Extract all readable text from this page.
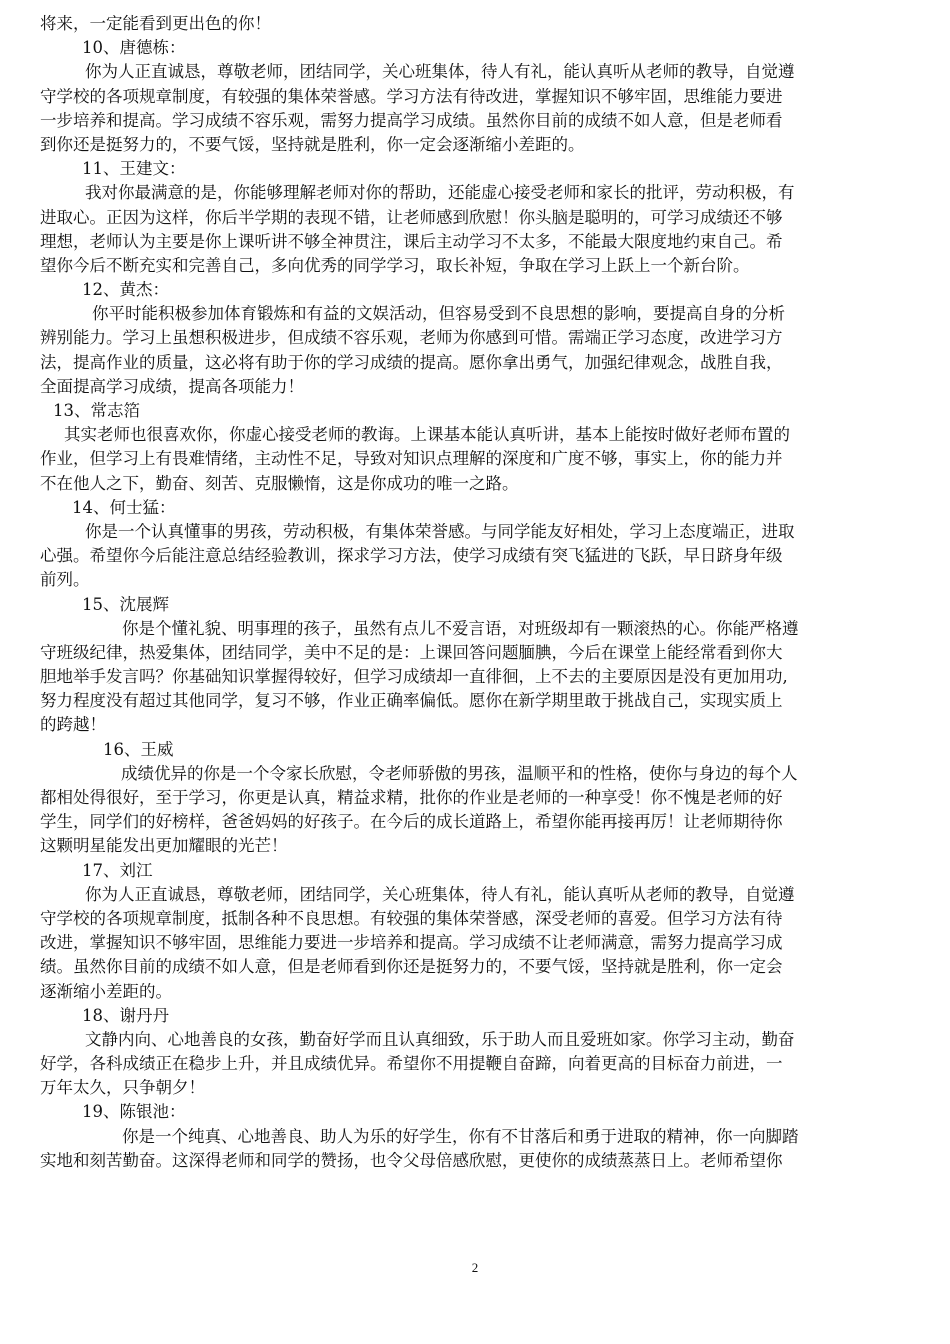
将来，一定能看到更出色的你！
10、唐德栋：
你为人正直诚恳，尊敬老师，团结同学，关心班集体，待人有礼，能认真听从老师的教导，自觉遵
守学校的各项规章制度，有较强的集体荣誉感。学习方法有待改进，掌握知识不够牢固，思维能力要进
一步培养和提高。学习成绩不容乐观，需努力提高学习成绩。虽然你目前的成绩不如人意，但是老师看
到你还是挺努力的，不要气馁，坚持就是胜利，你一定会逐渐缩小差距的。
11、王建文：
我对你最满意的是，你能够理解老师对你的帮助，还能虚心接受老师和家长的批评，劳动积极，有
进取心。正因为这样，你后半学期的表现不错，让老师感到欣慰！你头脑是聪明的，可学习成绩还不够
理想，老师认为主要是你上课听讲不够全神贯注，课后主动学习不太多，不能最大限度地约束自己。希
望你今后不断充实和完善自己，多向优秀的同学学习，取长补短，争取在学习上跃上一个新台阶。
12、黄杰：
你平时能积极参加体育锻炼和有益的文娱活动，但容易受到不良思想的影响，要提高自身的分析
辨别能力。学习上虽想积极进步，但成绩不容乐观，老师为你感到可惜。需端正学习态度，改进学习方
法，提高作业的质量，这必将有助于你的学习成绩的提高。愿你拿出勇气，加强纪律观念，战胜自我，
全面提高学习成绩，提高各项能力！
13、常志箔
其实老师也很喜欢你，你虚心接受老师的教诲。上课基本能认真听讲，基本上能按时做好老师布置的
作业，但学习上有畏难情绪，主动性不足，导致对知识点理解的深度和广度不够，事实上，你的能力并
不在他人之下，勤奋、刻苦、克服懒惰，这是你成功的唯一之路。
14、何士猛：
你是一个认真懂事的男孩，劳动积极，有集体荣誉感。与同学能友好相处，学习上态度端正，进取
心强。希望你今后能注意总结经验教训，探求学习方法，使学习成绩有突飞猛进的飞跃，早日跻身年级
前列。
15、沈展辉
你是个懂礼貌、明事理的孩子，虽然有点儿不爱言语，对班级却有一颗滚热的心。你能严格遵
守班级纪律，热爱集体，团结同学，美中不足的是：上课回答问题腼腆，今后在课堂上能经常看到你大
胆地举手发言吗？你基础知识掌握得较好，但学习成绩却一直徘徊，上不去的主要原因是没有更加用功,
努力程度没有超过其他同学，复习不够，作业正确率偏低。愿你在新学期里敢于挑战自己，实现实质上
的跨越！
16、王威
成绩优异的你是一个令家长欣慰，令老师骄傲的男孩，温顺平和的性格，使你与身边的每个人
都相处得很好，至于学习，你更是认真，精益求精，批你的作业是老师的一种享受！你不愧是老师的好
学生，同学们的好榜样，爸爸妈妈的好孩子。在今后的成长道路上，希望你能再接再厉！让老师期待你
这颗明星能发出更加耀眼的光芒！
17、刘江
你为人正直诚恳，尊敬老师，团结同学，关心班集体，待人有礼，能认真听从老师的教导，自觉遵
守学校的各项规章制度，抵制各种不良思想。有较强的集体荣誉感，深受老师的喜爱。但学习方法有待
改进，掌握知识不够牢固，思维能力要进一步培养和提高。学习成绩不让老师满意，需努力提高学习成
绩。虽然你目前的成绩不如人意，但是老师看到你还是挺努力的，不要气馁，坚持就是胜利，你一定会
逐渐缩小差距的。
18、谢丹丹
文静内向、心地善良的女孩，勤奋好学而且认真细致，乐于助人而且爱班如家。你学习主动，勤奋
好学，各科成绩正在稳步上升，并且成绩优异。希望你不用提鞭自奋蹄，向着更高的目标奋力前进，一
万年太久，只争朝夕！
19、陈银池：
你是一个纯真、心地善良、助人为乐的好学生，你有不甘落后和勇于进取的精神，你一向脚踏
实地和刻苦勤奋。这深得老师和同学的赞扬，也令父母倍感欣慰，更使你的成绩蒸蒸日上。老师希望你
2
